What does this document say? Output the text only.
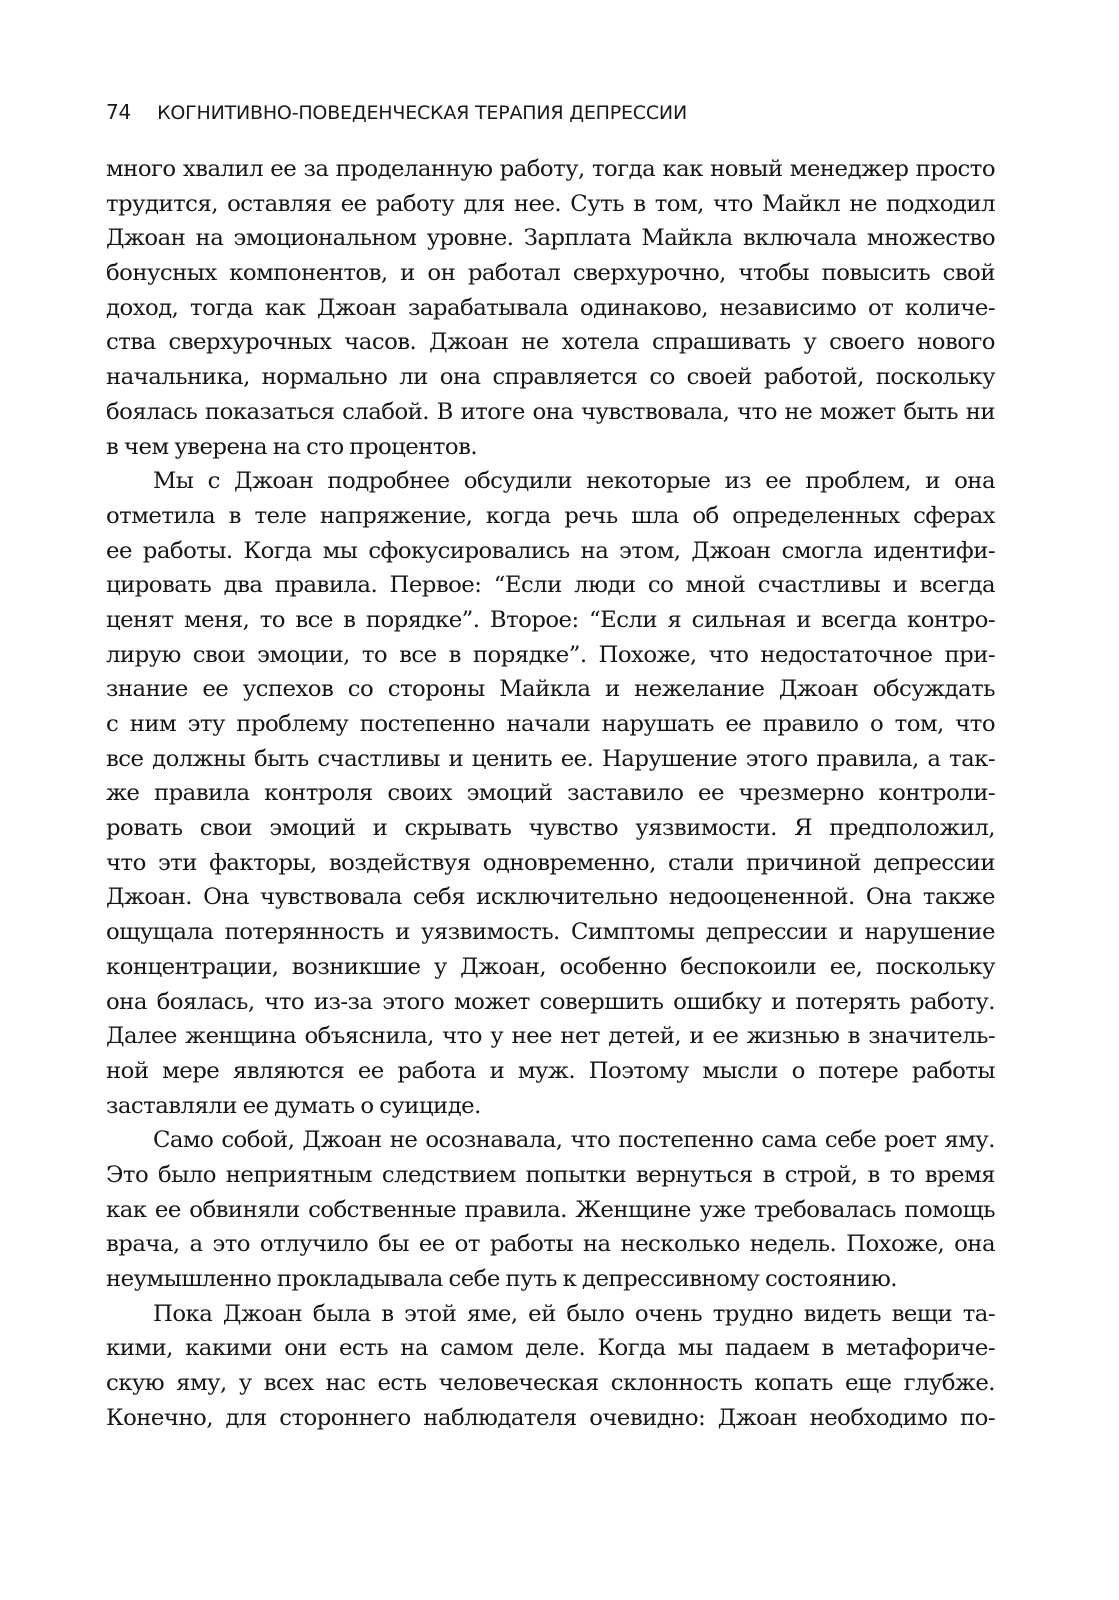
74 КОГНИТИВНО-ПОВЕДЕНЧЕСКАЯ ТЕРАПИЯ ДЕПРЕССИИ
много хвалил ее за проделанную работу, тогда как новый менеджер просто
трудится, оставляя ее работу для нее. Суть в том, что Майкл не подходил
Джоан на эмоциональном уровне. Зарплата Майкла включала множество
бонусных компонентов, и он работал сверхурочно, чтобы повысить свой
доход, тогда как Джоан зарабатывала одинаково, независимо от количе-
ства сверхурочных часов. Джоан не хотела спрашивать у своего нового
начальника, нормально ли она справляется со своей работой, поскольку
боялась показаться слабой. В итоге она чувствовала, что не может быть ни
в чем уверена на сто процентов.
Мы с Джоан подробнее обсудили некоторые из ее проблем, и она
отметила в теле напряжение, когда речь шла об определенных сферах
ее работы. Когда мы сфокусировались на этом, Джоан смогла идентифи-
цировать два правила. Первое: “Если люди со мной счастливы и всегда
ценят меня, то все в порядке”. Второе: “Если я сильная и всегда контро-
лирую свои эмоции, то все в порядке”. Похоже, что недостаточное при-
знание ее успехов со стороны Майкла и нежелание Джоан обсуждать
с ним эту проблему постепенно начали нарушать ее правило о том, что
все должны быть счастливы и ценить ее. Нарушение этого правила, а так-
же правила контроля своих эмоций заставило ее чрезмерно контроли-
ровать свои эмоций и скрывать чувство уязвимости. Я предположил,
что эти факторы, воздействуя одновременно, стали причиной депрессии
Джоан. Она чувствовала себя исключительно недооцененной. Она также
ощущала потерянность и уязвимость. Симптомы депрессии и нарушение
концентрации, возникшие у Джоан, особенно беспокоили ее, поскольку
она боялась, что из-за этого может совершить ошибку и потерять работу.
Далее женщина объяснила, что у нее нет детей, и ее жизнью в значитель-
ной мере являются ее работа и муж. Поэтому мысли о потере работы
заставляли ее думать о суициде.
Само собой, Джоан не осознавала, что постепенно сама себе роет яму.
Это было неприятным следствием попытки вернуться в строй, в то время
как ее обвиняли собственные правила. Женщине уже требовалась помощь
врача, а это отлучило бы ее от работы на несколько недель. Похоже, она
неумышленно прокладывала себе путь к депрессивному состоянию.
Пока Джоан была в этой яме, ей было очень трудно видеть вещи та-
кими, какими они есть на самом деле. Когда мы падаем в метафориче-
скую яму, у всех нас есть человеческая склонность копать еще глубже.
Конечно, для стороннего наблюдателя очевидно: Джоан необходимо по-
